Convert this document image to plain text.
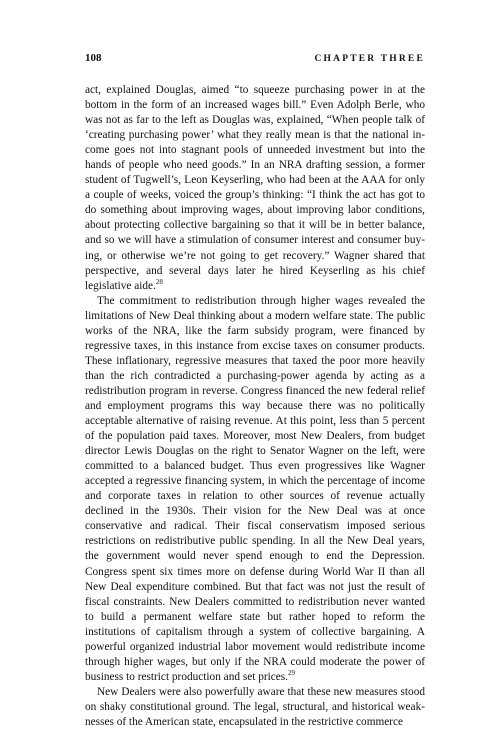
108	CHAPTER THREE

act, explained Douglas, aimed “to squeeze purchasing power in at the bottom in the form of an increased wages bill.” Even Adolph Berle, who was not as far to the left as Douglas was, explained, “When people talk of ‘creating purchasing power’ what they really mean is that the national income goes not into stagnant pools of unneeded investment but into the hands of people who need goods.” In an NRA drafting session, a former student of Tugwell’s, Leon Keyserling, who had been at the AAA for only a couple of weeks, voiced the group’s thinking: “I think the act has got to do something about improving wages, about improving labor conditions, about protecting collective bargaining so that it will be in better balance, and so we will have a stimulation of consumer interest and consumer buying, or otherwise we’re not going to get recovery.” Wagner shared that perspective, and several days later he hired Keyserling as his chief legislative aide.$^{28}$

The commitment to redistribution through higher wages revealed the limitations of New Deal thinking about a modern welfare state. The public works of the NRA, like the farm subsidy program, were financed by regressive taxes, in this instance from excise taxes on consumer products. These inflationary, regressive measures that taxed the poor more heavily than the rich contradicted a purchasing-power agenda by acting as a redistribution program in reverse. Congress financed the new federal relief and employment programs this way because there was no politically acceptable alternative of raising revenue. At this point, less than 5 percent of the population paid taxes. Moreover, most New Dealers, from budget director Lewis Douglas on the right to Senator Wagner on the left, were committed to a balanced budget. Thus even progressives like Wagner accepted a regressive financing system, in which the percentage of income and corporate taxes in relation to other sources of revenue actually declined in the 1930s. Their vision for the New Deal was at once conservative and radical. Their fiscal conservatism imposed serious restrictions on redistributive public spending. In all the New Deal years, the government would never spend enough to end the Depression. Congress spent six times more on defense during World War II than all New Deal expenditure combined. But that fact was not just the result of fiscal constraints. New Dealers committed to redistribution never wanted to build a permanent welfare state but rather hoped to reform the institutions of capitalism through a system of collective bargaining. A powerful organized industrial labor movement would redistribute income through higher wages, but only if the NRA could moderate the power of business to restrict production and set prices.$^{29}$

New Dealers were also powerfully aware that these new measures stood on shaky constitutional ground. The legal, structural, and historical weaknesses of the American state, encapsulated in the restrictive commerce
